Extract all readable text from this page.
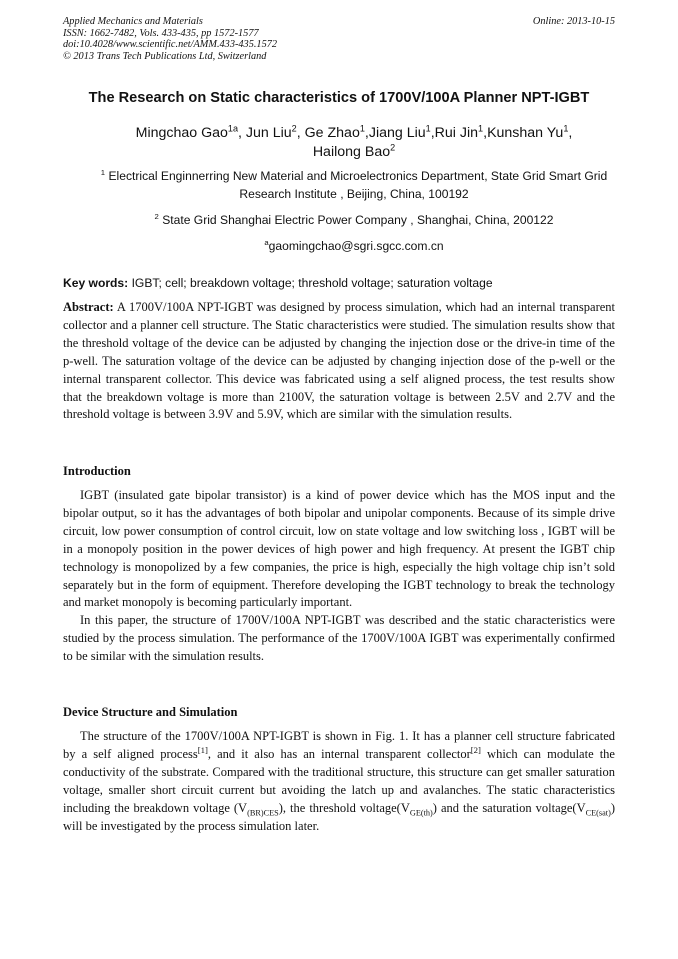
Applied Mechanics and Materials
ISSN: 1662-7482, Vols. 433-435, pp 1572-1577
doi:10.4028/www.scientific.net/AMM.433-435.1572
© 2013 Trans Tech Publications Ltd, Switzerland
Online: 2013-10-15
The Research on Static characteristics of 1700V/100A Planner NPT-IGBT
Mingchao Gao$^{1a}$, Jun Liu$^2$, Ge Zhao$^1$,Jiang Liu$^1$,Rui Jin$^1$,Kunshan Yu$^1$,
Hailong Bao$^2$
$^1$ Electrical Enginnerring New Material and Microelectronics Department, State Grid Smart Grid Research Institute , Beijing, China, 100192
$^2$ State Grid Shanghai Electric Power Company , Shanghai, China, 200122
$^a$gaomingchao@sgri.sgcc.com.cn
Key words: IGBT; cell; breakdown voltage; threshold voltage; saturation voltage

Abstract: A 1700V/100A NPT-IGBT was designed by process simulation, which had an internal transparent collector and a planner cell structure. The Static characteristics were studied. The simulation results show that the threshold voltage of the device can be adjusted by changing the injection dose or the drive-in time of the p-well. The saturation voltage of the device can be adjusted by changing injection dose of the p-well or the internal transparent collector. This device was fabricated using a self aligned process, the test results show that the breakdown voltage is more than 2100V, the saturation voltage is between 2.5V and 2.7V and the threshold voltage is between 3.9V and 5.9V, which are similar with the simulation results.

Introduction

IGBT (insulated gate bipolar transistor) is a kind of power device which has the MOS input and the bipolar output, so it has the advantages of both bipolar and unipolar components. Because of its simple drive circuit, low power consumption of control circuit, low on state voltage and low switching loss , IGBT will be in a monopoly position in the power devices of high power and high frequency. At present the IGBT chip technology is monopolized by a few companies, the price is high, especially the high voltage chip isn’t sold separately but in the form of equipment. Therefore developing the IGBT technology to break the technology and market monopoly is becoming particularly important.

In this paper, the structure of 1700V/100A NPT-IGBT was described and the static characteristics were studied by the process simulation. The performance of the 1700V/100A IGBT was experimentally confirmed to be similar with the simulation results.

Device Structure and Simulation

The structure of the 1700V/100A NPT-IGBT is shown in Fig. 1. It has a planner cell structure fabricated by a self aligned process[1], and it also has an internal transparent collector[2] which can modulate the conductivity of the substrate. Compared with the traditional structure, this structure can get smaller saturation voltage, smaller short circuit current but avoiding the latch up and avalanches. The static characteristics including the breakdown voltage $(V_{(BR)CES})$, the threshold $voltage(V_{GE(th)})$ and the saturation $voltage(V_{CE(sat)})$ will be investigated by the process simulation later.
